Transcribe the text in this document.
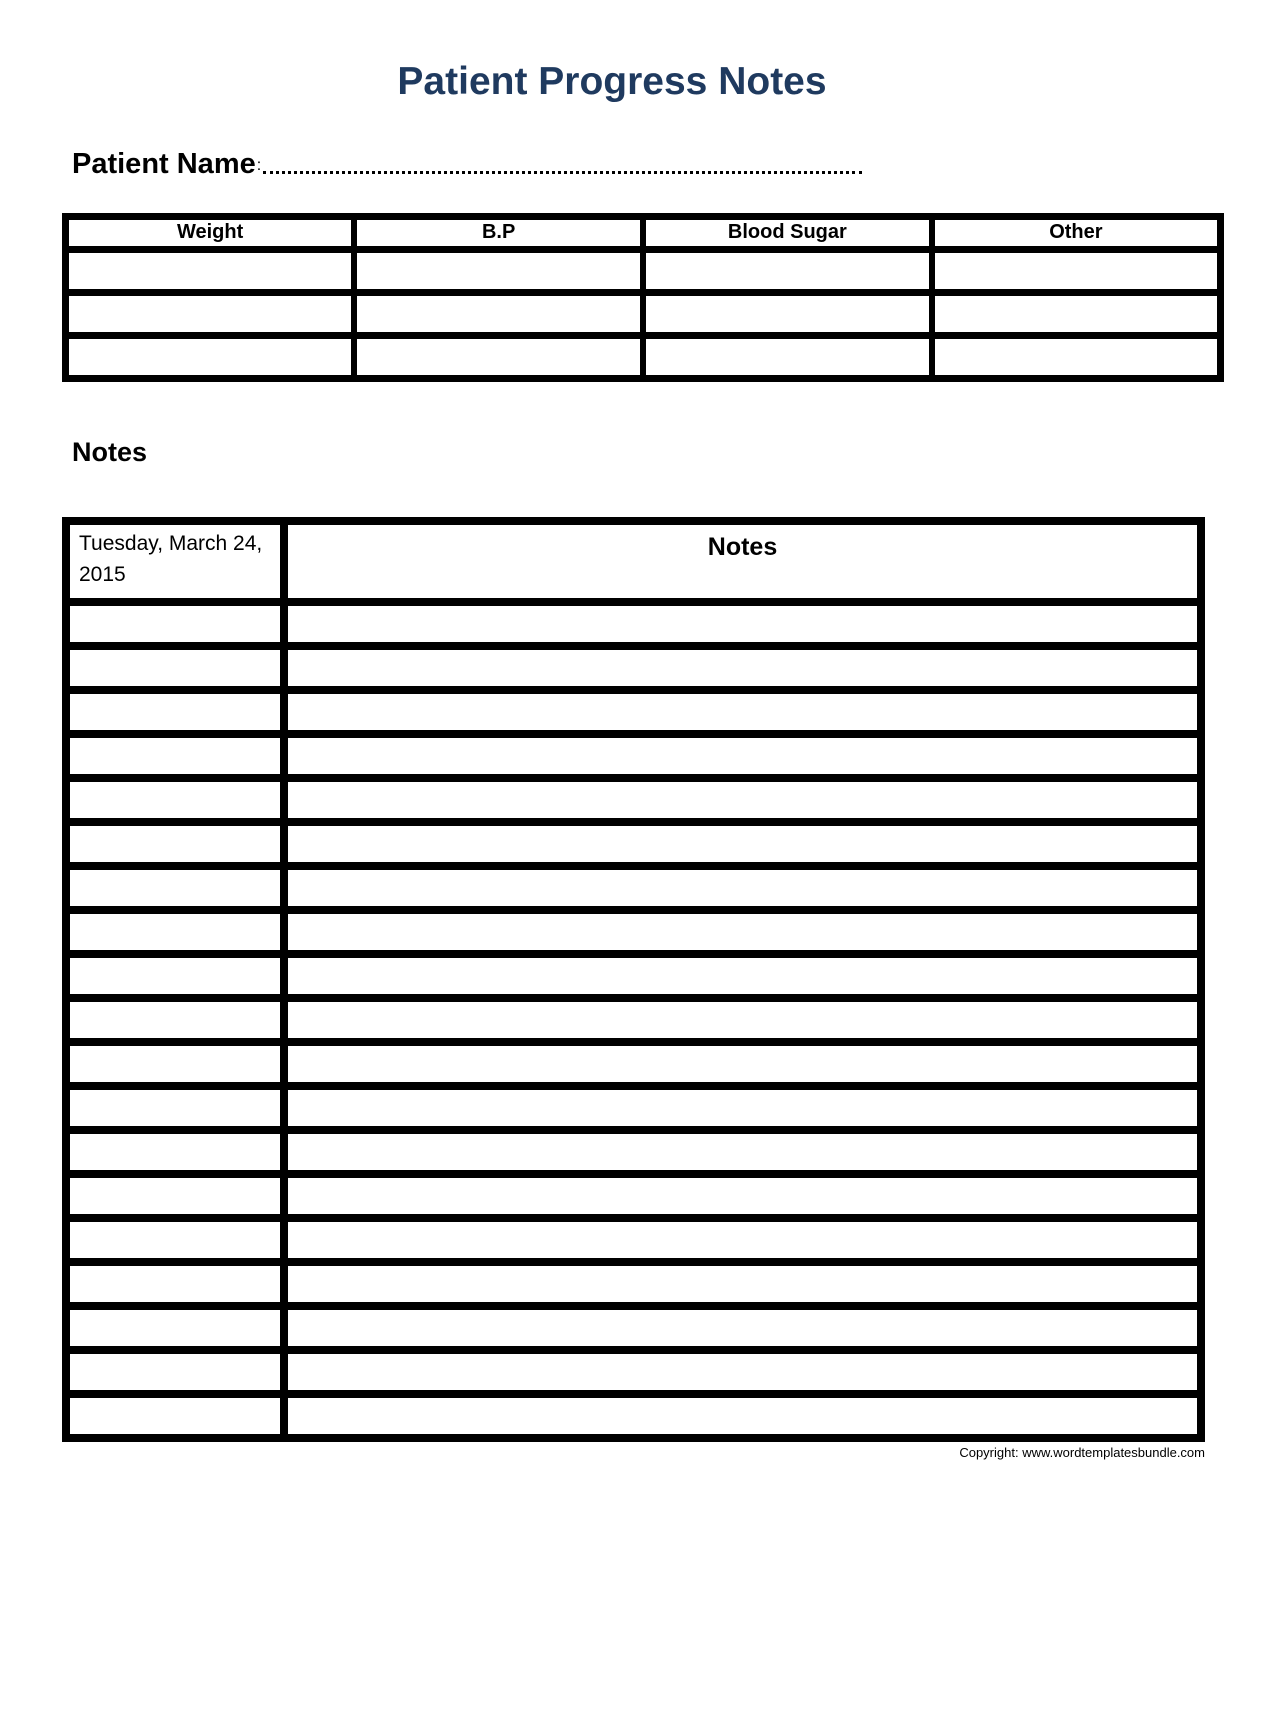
Patient Progress Notes
Patient Name :
Weight	B.P	Blood Sugar	Other

Notes
Tuesday, March 24, 2015	Notes

Copyright: www.wordtemplatesbundle.com
